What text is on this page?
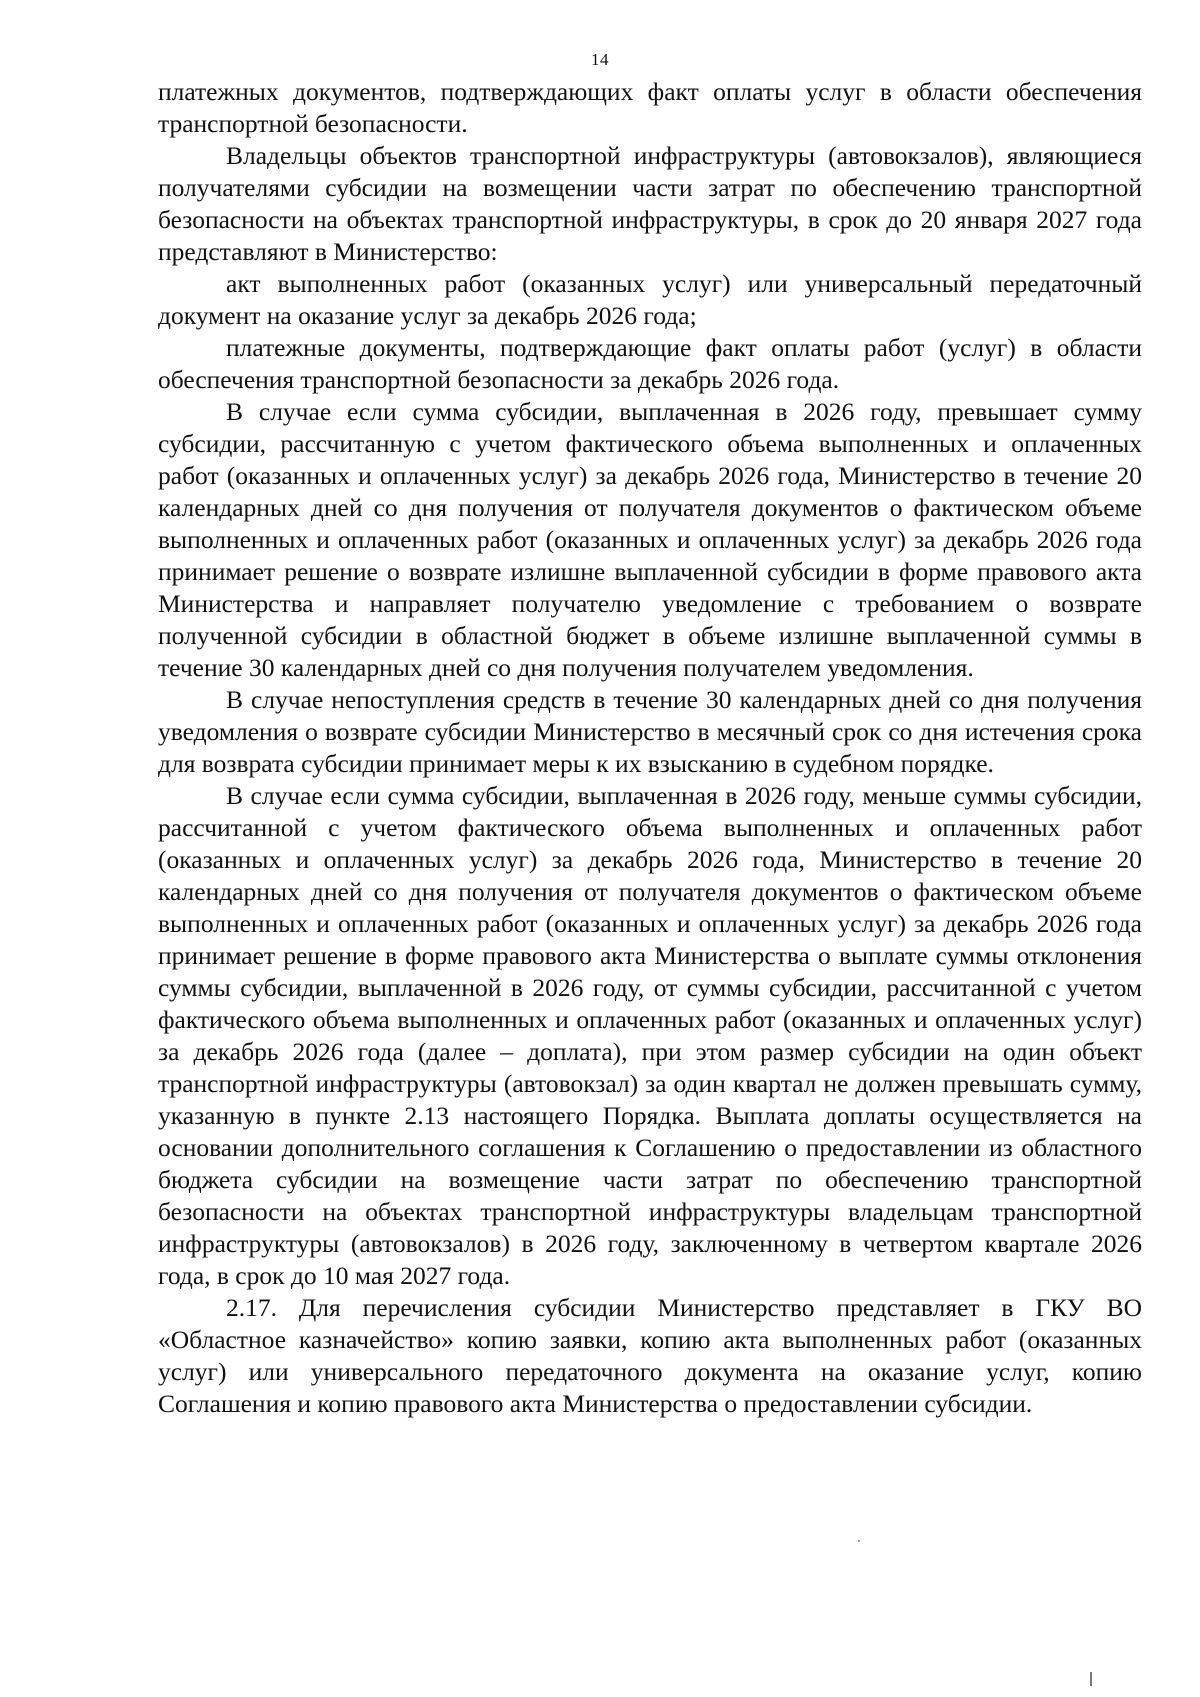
14

платежных документов, подтверждающих факт оплаты услуг в области обеспечения транспортной безопасности.

Владельцы объектов транспортной инфраструктуры (автовокзалов), являющиеся получателями субсидии на возмещении части затрат по обеспечению транспортной безопасности на объектах транспортной инфраструктуры, в срок до 20 января 2027 года представляют в Министерство:

акт выполненных работ (оказанных услуг) или универсальный передаточный документ на оказание услуг за декабрь 2026 года;

платежные документы, подтверждающие факт оплаты работ (услуг) в области обеспечения транспортной безопасности за декабрь 2026 года.

В случае если сумма субсидии, выплаченная в 2026 году, превышает сумму субсидии, рассчитанную с учетом фактического объема выполненных и оплаченных работ (оказанных и оплаченных услуг) за декабрь 2026 года, Министерство в течение 20 календарных дней со дня получения от получателя документов о фактическом объеме выполненных и оплаченных работ (оказанных и оплаченных услуг) за декабрь 2026 года принимает решение о возврате излишне выплаченной субсидии в форме правового акта Министерства и направляет получателю уведомление с требованием о возврате полученной субсидии в областной бюджет в объеме излишне выплаченной суммы в течение 30 календарных дней со дня получения получателем уведомления.

В случае непоступления средств в течение 30 календарных дней со дня получения уведомления о возврате субсидии Министерство в месячный срок со дня истечения срока для возврата субсидии принимает меры к их взысканию в судебном порядке.

В случае если сумма субсидии, выплаченная в 2026 году, меньше суммы субсидии, рассчитанной с учетом фактического объема выполненных и оплаченных работ (оказанных и оплаченных услуг) за декабрь 2026 года, Министерство в течение 20 календарных дней со дня получения от получателя документов о фактическом объеме выполненных и оплаченных работ (оказанных и оплаченных услуг) за декабрь 2026 года принимает решение в форме правового акта Министерства о выплате суммы отклонения суммы субсидии, выплаченной в 2026 году, от суммы субсидии, рассчитанной с учетом фактического объема выполненных и оплаченных работ (оказанных и оплаченных услуг) за декабрь 2026 года (далее – доплата), при этом размер субсидии на один объект транспортной инфраструктуры (автовокзал) за один квартал не должен превышать сумму, указанную в пункте 2.13 настоящего Порядка. Выплата доплаты осуществляется на основании дополнительного соглашения к Соглашению о предоставлении из областного бюджета субсидии на возмещение части затрат по обеспечению транспортной безопасности на объектах транспортной инфраструктуры владельцам транспортной инфраструктуры (автовокзалов) в 2026 году, заключенному в четвертом квартале 2026 года, в срок до 10 мая 2027 года.

2.17. Для перечисления субсидии Министерство представляет в ГКУ ВО «Областное казначейство» копию заявки, копию акта выполненных работ (оказанных услуг) или универсального передаточного документа на оказание услуг, копию Соглашения и копию правового акта Министерства о предоставлении субсидии.
